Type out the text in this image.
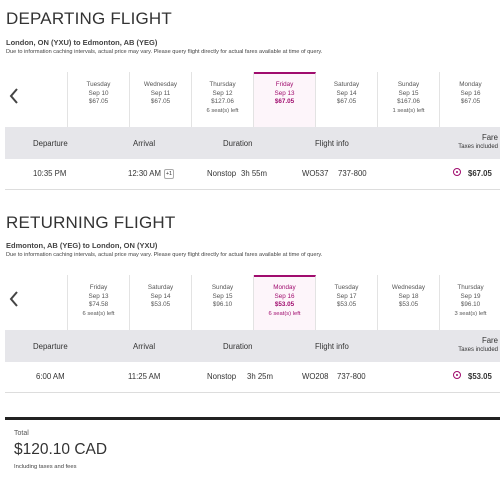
DEPARTING FLIGHT
London, ON (YXU) to Edmonton, AB (YEG)
Due to information caching intervals, actual price may vary. Please query flight directly for actual fares available at time of query.
Tuesday
Sep 10
$67.05
Wednesday
Sep 11
$67.05
Thursday
Sep 12
$127.06
6 seat(s) left
Friday
Sep 13
$67.05
Saturday
Sep 14
$67.05
Sunday
Sep 15
$167.06
1 seat(s) left
Monday
Sep 16
$67.05
Departure	Arrival	Duration	Flight info
Fare
Taxes included
10:35 PM	12:30 AM +1	Nonstop 3h 55m	WO537 737-800	$67.05
RETURNING FLIGHT
Edmonton, AB (YEG) to London, ON (YXU)
Due to information caching intervals, actual price may vary. Please query flight directly for actual fares available at time of query.
Friday
Sep 13
$74.58
6 seat(s) left
Saturday
Sep 14
$53.05
Sunday
Sep 15
$96.10
Monday
Sep 16
$53.05
6 seat(s) left
Tuesday
Sep 17
$53.05
Wednesday
Sep 18
$53.05
Thursday
Sep 19
$96.10
3 seat(s) left
Departure	Arrival	Duration	Flight info
Fare
Taxes included
6:00 AM	11:25 AM	Nonstop 3h 25m	WO208 737-800	$53.05
Total
$120.10 CAD
Including taxes and fees
